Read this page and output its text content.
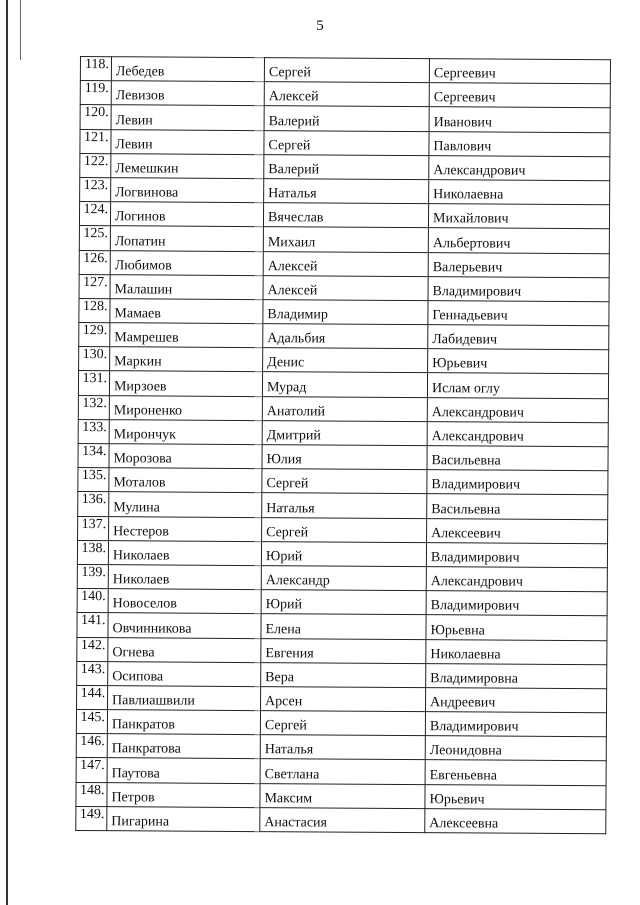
5
118.	Лебедев	Сергей	Сергеевич
119.	Левизов	Алексей	Сергеевич
120.	Левин	Валерий	Иванович
121.	Левин	Сергей	Павлович
122.	Лемешкин	Валерий	Александрович
123.	Логвинова	Наталья	Николаевна
124.	Логинов	Вячеслав	Михайлович
125.	Лопатин	Михаил	Альбертович
126.	Любимов	Алексей	Валерьевич
127.	Малашин	Алексей	Владимирович
128.	Мамаев	Владимир	Геннадьевич
129.	Мамрешев	Адальбия	Лабидевич
130.	Маркин	Денис	Юрьевич
131.	Мирзоев	Мурад	Ислам оглу
132.	Мироненко	Анатолий	Александрович
133.	Мирончук	Дмитрий	Александрович
134.	Морозова	Юлия	Васильевна
135.	Моталов	Сергей	Владимирович
136.	Мулина	Наталья	Васильевна
137.	Нестеров	Сергей	Алексеевич
138.	Николаев	Юрий	Владимирович
139.	Николаев	Александр	Александрович
140.	Новоселов	Юрий	Владимирович
141.	Овчинникова	Елена	Юрьевна
142.	Огнева	Евгения	Николаевна
143.	Осипова	Вера	Владимировна
144.	Павлиашвили	Арсен	Андреевич
145.	Панкратов	Сергей	Владимирович
146.	Панкратова	Наталья	Леонидовна
147.	Паутова	Светлана	Евгеньевна
148.	Петров	Максим	Юрьевич
149.	Пигарина	Анастасия	Алексеевна
